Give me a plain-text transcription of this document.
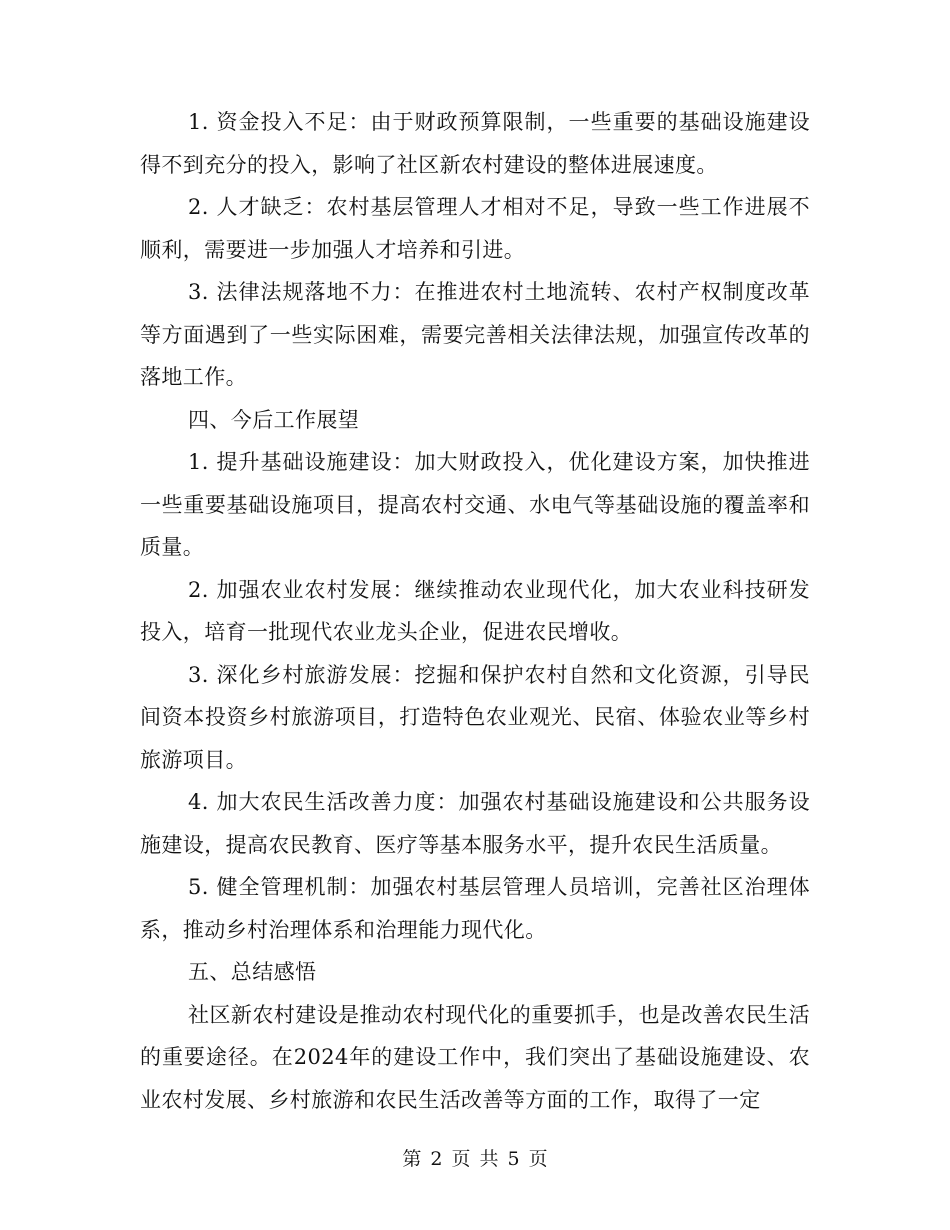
1. 资金投入不足：由于财政预算限制，一些重要的基础设施建设得不到充分的投入，影响了社区新农村建设的整体进展速度。

2. 人才缺乏：农村基层管理人才相对不足，导致一些工作进展不顺利，需要进一步加强人才培养和引进。

3. 法律法规落地不力：在推进农村土地流转、农村产权制度改革等方面遇到了一些实际困难，需要完善相关法律法规，加强宣传改革的落地工作。

四、今后工作展望

1. 提升基础设施建设：加大财政投入，优化建设方案，加快推进一些重要基础设施项目，提高农村交通、水电气等基础设施的覆盖率和质量。

2. 加强农业农村发展：继续推动农业现代化，加大农业科技研发投入，培育一批现代农业龙头企业，促进农民增收。

3. 深化乡村旅游发展：挖掘和保护农村自然和文化资源，引导民间资本投资乡村旅游项目，打造特色农业观光、民宿、体验农业等乡村旅游项目。

4. 加大农民生活改善力度：加强农村基础设施建设和公共服务设施建设，提高农民教育、医疗等基本服务水平，提升农民生活质量。

5. 健全管理机制：加强农村基层管理人员培训，完善社区治理体系，推动乡村治理体系和治理能力现代化。

五、总结感悟

社区新农村建设是推动农村现代化的重要抓手，也是改善农民生活的重要途径。在2024年的建设工作中，我们突出了基础设施建设、农业农村发展、乡村旅游和农民生活改善等方面的工作，取得了一定

第 2 页 共 5 页
